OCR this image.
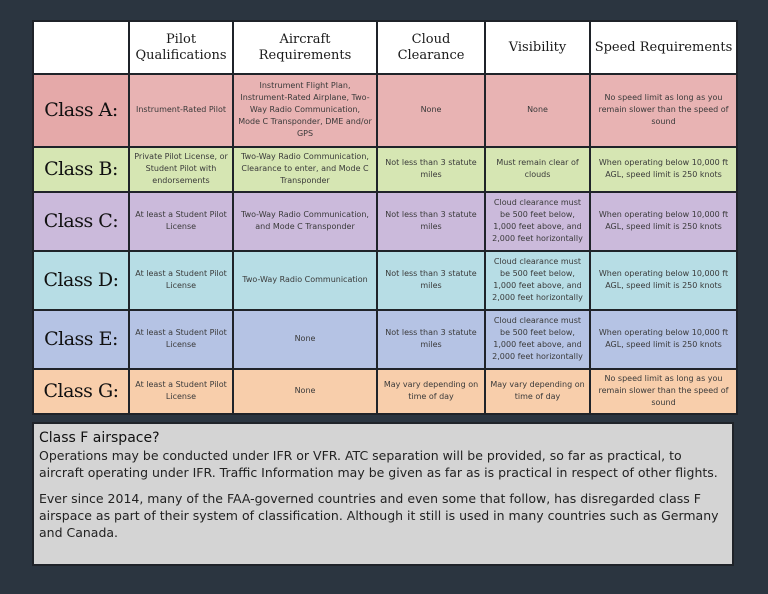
	Pilot Qualifications	Aircraft Requirements	Cloud Clearance	Visibility	Speed Requirements
Class A:	Instrument-Rated Pilot	Instrument Flight Plan, Instrument-Rated Airplane, Two-Way Radio Communication, Mode C Transponder, DME and/or GPS	None	None	No speed limit as long as you remain slower than the speed of sound
Class B:	Private Pilot License, or Student Pilot with endorsements	Two-Way Radio Communication, Clearance to enter, and Mode C Transponder	Not less than 3 statute miles	Must remain clear of clouds	When operating below 10,000 ft AGL, speed limit is 250 knots
Class C:	At least a Student Pilot License	Two-Way Radio Communication, and Mode C Transponder	Not less than 3 statute miles	Cloud clearance must be 500 feet below, 1,000 feet above, and 2,000 feet horizontally	When operating below 10,000 ft AGL, speed limit is 250 knots
Class D:	At least a Student Pilot License	Two-Way Radio Communication	Not less than 3 statute miles	Cloud clearance must be 500 feet below, 1,000 feet above, and 2,000 feet horizontally	When operating below 10,000 ft AGL, speed limit is 250 knots
Class E:	At least a Student Pilot License	None	Not less than 3 statute miles	Cloud clearance must be 500 feet below, 1,000 feet above, and 2,000 feet horizontally	When operating below 10,000 ft AGL, speed limit is 250 knots
Class G:	At least a Student Pilot License	None	May vary depending on time of day	May vary depending on time of day	No speed limit as long as you remain slower than the speed of sound
Class F airspace?

Operations may be conducted under IFR or VFR. ATC separation will be provided, so far as practical, to aircraft operating under IFR. Traffic Information may be given as far as is practical in respect of other flights.

Ever since 2014, many of the FAA-governed countries and even some that follow, has disregarded class F airspace as part of their system of classification. Although it still is used in many countries such as Germany and Canada.
